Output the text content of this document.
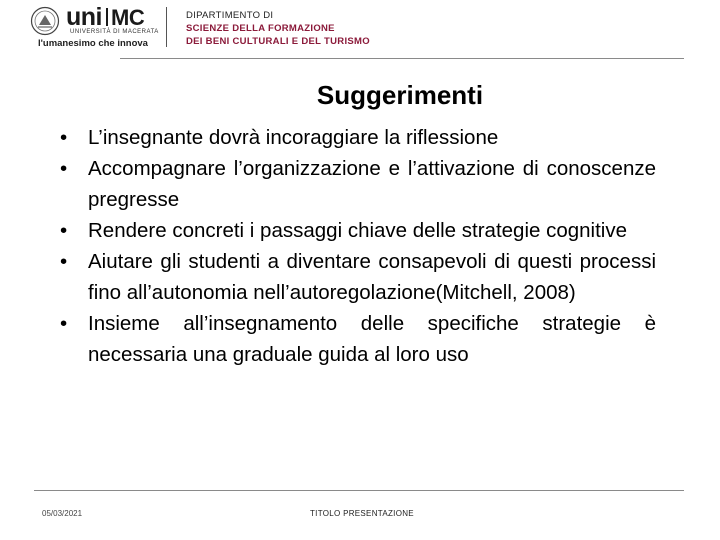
uni MC
UNIVERSITÀ DI MACERATA
l'umanesimo che innova
DIPARTIMENTO DI
SCIENZE DELLA FORMAZIONE
DEI BENI CULTURALI E DEL TURISMO
Suggerimenti
• L’insegnante dovrà incoraggiare la riflessione
• Accompagnare l’organizzazione e l’attivazione di conoscenze pregresse
• Rendere concreti i passaggi chiave delle strategie cognitive
• Aiutare gli studenti a diventare consapevoli di questi processi fino all’autonomia nell’autoregolazione(Mitchell, 2008)
• Insieme all’insegnamento delle specifiche strategie è necessaria una graduale guida al loro uso
05/03/2021	TITOLO PRESENTAZIONE
